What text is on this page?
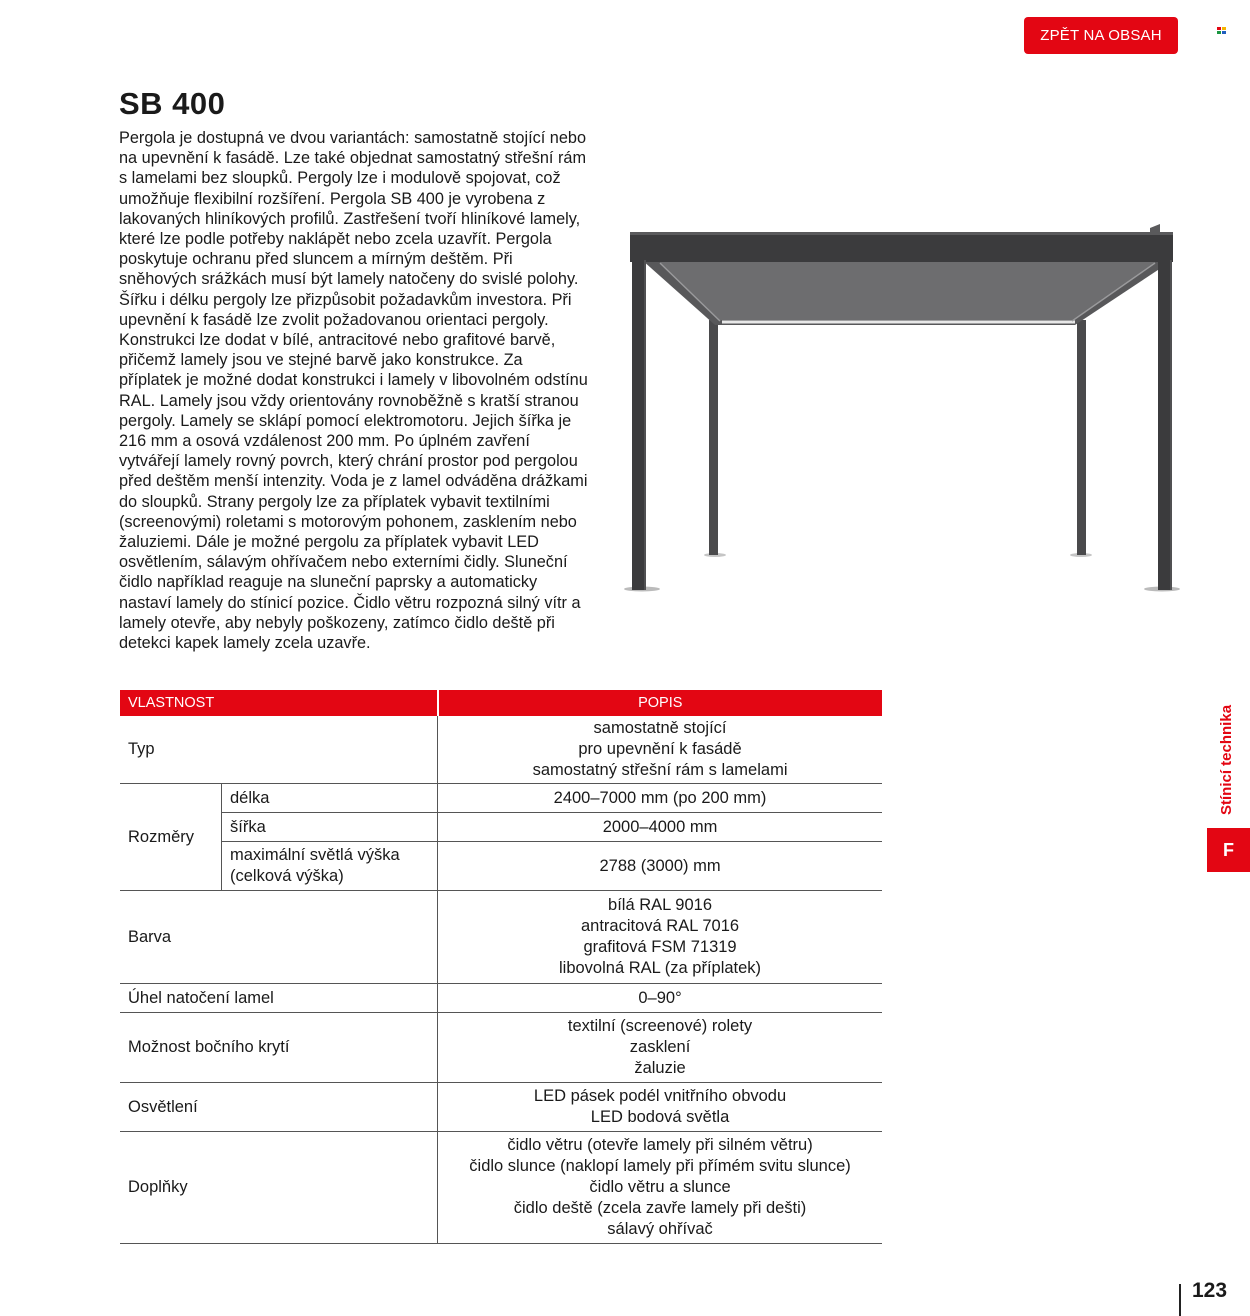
ZPĚT NA OBSAH
SB 400

Pergola je dostupná ve dvou variantách: samostatně stojící nebo na upevnění k fasádě. Lze také objednat samostatný střešní rám s lamelami bez sloupků. Pergoly lze i modulově spojovat, což umožňuje flexibilní rozšíření. Pergola SB 400 je vyrobena z lakovaných hliníkových profilů. Zastřešení tvoří hliníkové lamely, které lze podle potřeby naklápět nebo zcela uzavřít. Pergola poskytuje ochranu před sluncem a mírným deštěm. Při sněhových srážkách musí být lamely natočeny do svislé polohy.

Šířku i délku pergoly lze přizpůsobit požadavkům investora. Při upevnění k fasádě lze zvolit požadovanou orientaci pergoly. Konstrukci lze dodat v bílé, antracitové nebo grafitové barvě, přičemž lamely jsou ve stejné barvě jako konstrukce. Za příplatek je možné dodat konstrukci i lamely v libovolném odstínu RAL. Lamely jsou vždy orientovány rovnoběžně s kratší stranou pergoly. Lamely se sklápí pomocí elektromotoru. Jejich šířka je 216 mm a osová vzdálenost 200 mm. Po úplném zavření vytvářejí lamely rovný povrch, který chrání prostor pod pergolou před deštěm menší intenzity. Voda je z lamel odváděna drážkami do sloupků. Strany pergoly lze za příplatek vybavit textilními (screenovými) roletami s motorovým pohonem, zasklením nebo žaluziemi. Dále je možné pergolu za příplatek vybavit LED osvětlením, sálavým ohřívačem nebo externími čidly. Sluneční čidlo například reaguje na sluneční paprsky a automaticky nastaví lamely do stínicí pozice. Čidlo větru rozpozná silný vítr a lamely otevře, aby nebyly poškozeny, zatímco čidlo deště při detekci kapek lamely zcela uzavře.

VLASTNOST		POPIS
Typ		samostatně stojící
pro upevnění k fasádě
samostatný střešní rám s lamelami

Rozměry	délka	2400–7000 mm (po 200 mm)
	šířka	2000–4000 mm

	maximální světlá výška
(celková výška)	2788 (3000) mm
Barva		bílá RAL 9016
antracitová RAL 7016
grafitová FSM 71319
libovolná RAL (za příplatek)

Úhel natočení lamel		0–90°
Možnost bočního krytí		textilní (screenové) rolety
zasklení
žaluzie

Osvětlení		LED pásek podél vnitřního obvodu
LED bodová světla

Doplňky		čidlo větru (otevře lamely při silném větru)
čidlo slunce (naklopí lamely při přímém svitu slunce)
čidlo větru a slunce
čidlo deště (zcela zavře lamely při dešti)
sálavý ohřívač
Stínicí technika
F
123
